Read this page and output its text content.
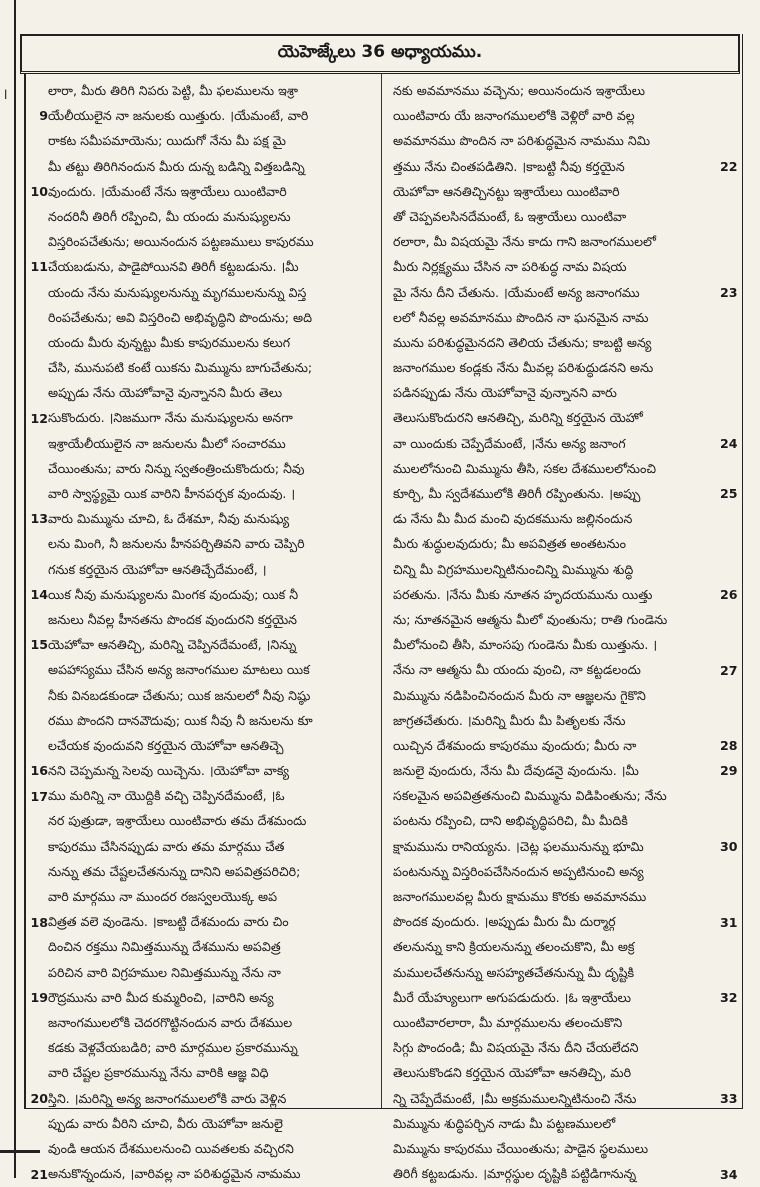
l
యెహెజ్కేలు 36 అధ్యాయము.
లారా, మీరు తిరిగి నిపరు పెట్టి, మీ ఫలములను ఇశ్రా
యేలీయులైన నా జనులకు యిత్తురు. ।యేమంటే, వారి
రాకట సమీపమాయెను; యిదుగో నేను మీ పక్ష మై
మీ తట్టు తిరిగినందున మీరు దున్న బడిన్ని విత్తబడిన్ని
వుందురు. ।యేమంటే నేను ఇశ్రాయేలు యింటివారి
నందరినీ తిరిగీ రప్పించి, మీ యందు మనుష్యులను
విస్తరింపచేతును; అయినందున పట్టణములు కాపురము
చేయబడును, పాడైపోయినవి తిరిగీ కట్టబడును. ।మీ
యందు నేను మనుష్యులనున్ను మృగములనున్ను విస్త
రింపచేతును; అవి విస్తరించి అభివృద్ధిని పొందును; అది
యందు మీరు వున్నట్టు మీకు కాపురములను కలుగ
చేసి, మునుపటి కంటే యికను మిమ్మును బాగుచేతును;
అప్పుడు నేను యెహోవానై వున్నానని మీరు తెలు
సుకొందురు. ।నిజముగా నేను మనుష్యులను అనగా
ఇశ్రాయేలీయులైన నా జనులను మీలో సంచారము
చేయింతును; వారు నిన్ను స్వతంత్రించుకొందురు; నీవు
వారి స్వాస్థ్యమై యిక వారిని హీనపర్చక వుందువు. ।
వారు మిమ్మును చూచి, ఓ దేశమా, నీవు మనుష్యు
లను మింగి, నీ జనులను హీనపర్చితివని వారు చెప్పిరి
గనుక కర్తయైన యెహోవా ఆనతిచ్చేదేమంటే, ।
యిక నీవు మనుష్యులను మింగక వుందువు; యిక నీ
జనులు నీవల్ల హీనతను పొందక వుందురని కర్తయైన
యెహోవా ఆనతిచ్చి, మరిన్ని చెప్పినదేమంటే, ।నిన్ను
అపహాస్యము చేసిన అన్య జనాంగముల మాటలు యిక
నీకు వినబడకుండా చేతును; యిక జనులలో నీవు నిష్ఠు
రము పొందని దానవౌదువు; యిక నీవు నీ జనులను కూ
లచేయక వుందువని కర్తయైన యెహోవా ఆనతిచ్చె
నని చెప్పమన్న సెలవు యిచ్చెను. ।యెహోవా వాక్య
ము మరిన్ని నా యొద్దికి వచ్చి చెప్పినదేమంటే, ।ఓ
నర పుత్రుడా, ఇశ్రాయేలు యింటివారు తమ దేశమందు
కాపురము చేసినప్పుడు వారు తమ మార్గము చేత
నున్ను తమ చేష్టలచేతనున్ను దానిని అపవిత్రపరిచిరి;
వారి మార్గము నా ముందర రజస్వలయొక్క అప
విత్రత వలె వుండెను. ।కాబట్టి దేశమందు వారు చిం
దించిన రక్తము నిమిత్తమున్ను దేశమును అపవిత్ర
పరిచిన వారి విగ్రహముల నిమిత్తమున్ను నేను నా
రౌద్రమును వారి మీద కుమ్మరించి, ।వారిని అన్య
జనాంగములలోకి చెదరగొట్టినందున వారు దేశముల
కడకు వెళ్లవేయబడిరి; వారి మార్గముల ప్రకారమున్ను
వారి చేష్టల ప్రకారమున్ను నేను వారికి ఆజ్ఞ విధి
స్తిని. ।మరిన్ని అన్య జనాంగములలోకి వారు వెళ్లిన
ప్పుడు వారు వీరిని చూచి, వీరు యెహోవా జనులై
వుండి ఆయన దేశములనుంచి యివతలకు వచ్చిరని
అనుకొన్నందున, ।వారివల్ల నా పరిశుద్ధమైన నామము
నకు అవమానము వచ్చెను; అయినందున ఇశ్రాయేలు
యింటివారు యే జనాంగములలోకి వెళ్లిరో వారి వల్ల
అవమానము పొందిన నా పరిశుద్ధమైన నామము నిమి
త్తము నేను చింతపడితిని. ।కాబట్టి నీవు కర్తయైన
యెహోవా ఆనతిచ్చినట్టు ఇశ్రాయేలు యింటివారి
తో చెప్పవలసినదేమంటే, ఓ ఇశ్రాయేలు యింటివా
రలారా, మీ విషయమై నేను కాదు గాని జనాంగములలో
మీరు నిర్లక్ష్యము చేసిన నా పరిశుద్ధ నామ విషయ
మై నేను దీని చేతును. ।యేమంటే అన్య జనాంగము
లలో నీవల్ల అవమానము పొందిన నా ఘనమైన నామ
మును పరిశుద్ధమైనదని తెలియ చేతును; కాబట్టి అన్య
జనాంగముల కండ్లకు నేను మీవల్ల పరిశుద్ధుడనని అను
పడినప్పుడు నేను యెహోవానై వున్నానని వారు
తెలుసుకొందురని ఆనతిచ్చి, మరిన్ని కర్తయైన యెహో
వా యిందుకు చెప్పేదేమంటే, ।నేను అన్య జనాంగ
ములలోనుంచి మిమ్మును తీసి, సకల దేశములలోనుంచి
కూర్చి, మీ స్వదేశములోకి తిరిగీ రప్పింతును. ।అప్పు
డు నేను మీ మీద మంచి వుదకమును జల్లినందున
మీరు శుద్ధులవుదురు; మీ అపవిత్రత అంతటనుం
చిన్ని మీ విగ్రహములన్నిటినుంచిన్ని మిమ్మును శుద్ధి
పరతును. ।నేను మీకు నూతన హృదయమును యిత్తు
ను; నూతనమైన ఆత్మను మీలో వుంతును; రాతి గుండెను
మీలోనుంచి తీసి, మాంసపు గుండెను మీకు యిత్తును. ।
నేను నా ఆత్మను మీ యందు వుంచి, నా కట్టడలందు
మిమ్మును నడిపించినందున మీరు నా ఆజ్ఞలను గైకొని
జాగ్రతచేతురు. ।మరిన్ని మీరు మీ పితృలకు నేను
యిచ్చిన దేశమందు కాపురము వుందురు; మీరు నా
జనులై వుందురు, నేను మీ దేవుడనై వుందును. ।మీ
సకలమైన అపవిత్రతనుంచి మిమ్మును విడిపింతును; నేను
పంటను రప్పించి, దాని అభివృద్ధిపరిచి, మీ మీదికి
క్షామమును రానియ్యను. ।చెట్ల ఫలమునున్ను భూమి
పంటనున్ను విస్తరింపచేసినందున అప్పటినుంచి అన్య
జనాంగములవల్ల మీరు క్షామము కొరకు అవమానము
పొందక వుందురు. ।అప్పుడు మీరు మీ దుర్మార్గ
తలనున్ను కాని క్రియలనున్ను తలంచుకొని, మీ అక్ర
మములచేతనున్ను అసహ్యతచేతనున్ను మీ దృష్టికి
మీరే యేహ్యులుగా అగుపడుదురు. ।ఓ ఇశ్రాయేలు
యింటివారలారా, మీ మార్గములను తలంచుకొని
సిగ్గు పొందండి; మీ విషయమై నేను దీని చేయలేదని
తెలుసుకొండని కర్తయైన యెహోవా ఆనతిచ్చి, మరి
న్ని చెప్పేదేమంటే, ।మీ అక్రమములన్నిటినుంచి నేను
మిమ్మును శుద్ధిపర్చిన నాడు మీ పట్టణములలో
మిమ్మును కాపురము చేయింతును; పాడైన స్థలములు
తిరిగీ కట్టబడును. ।మార్గస్థుల దృష్టికి పట్టిడిగానున్న
9
10
11
12
13
14
15
16
17
18
19
20
21
22
23
24
25
26
27
28
29
30
31
32
33
34
